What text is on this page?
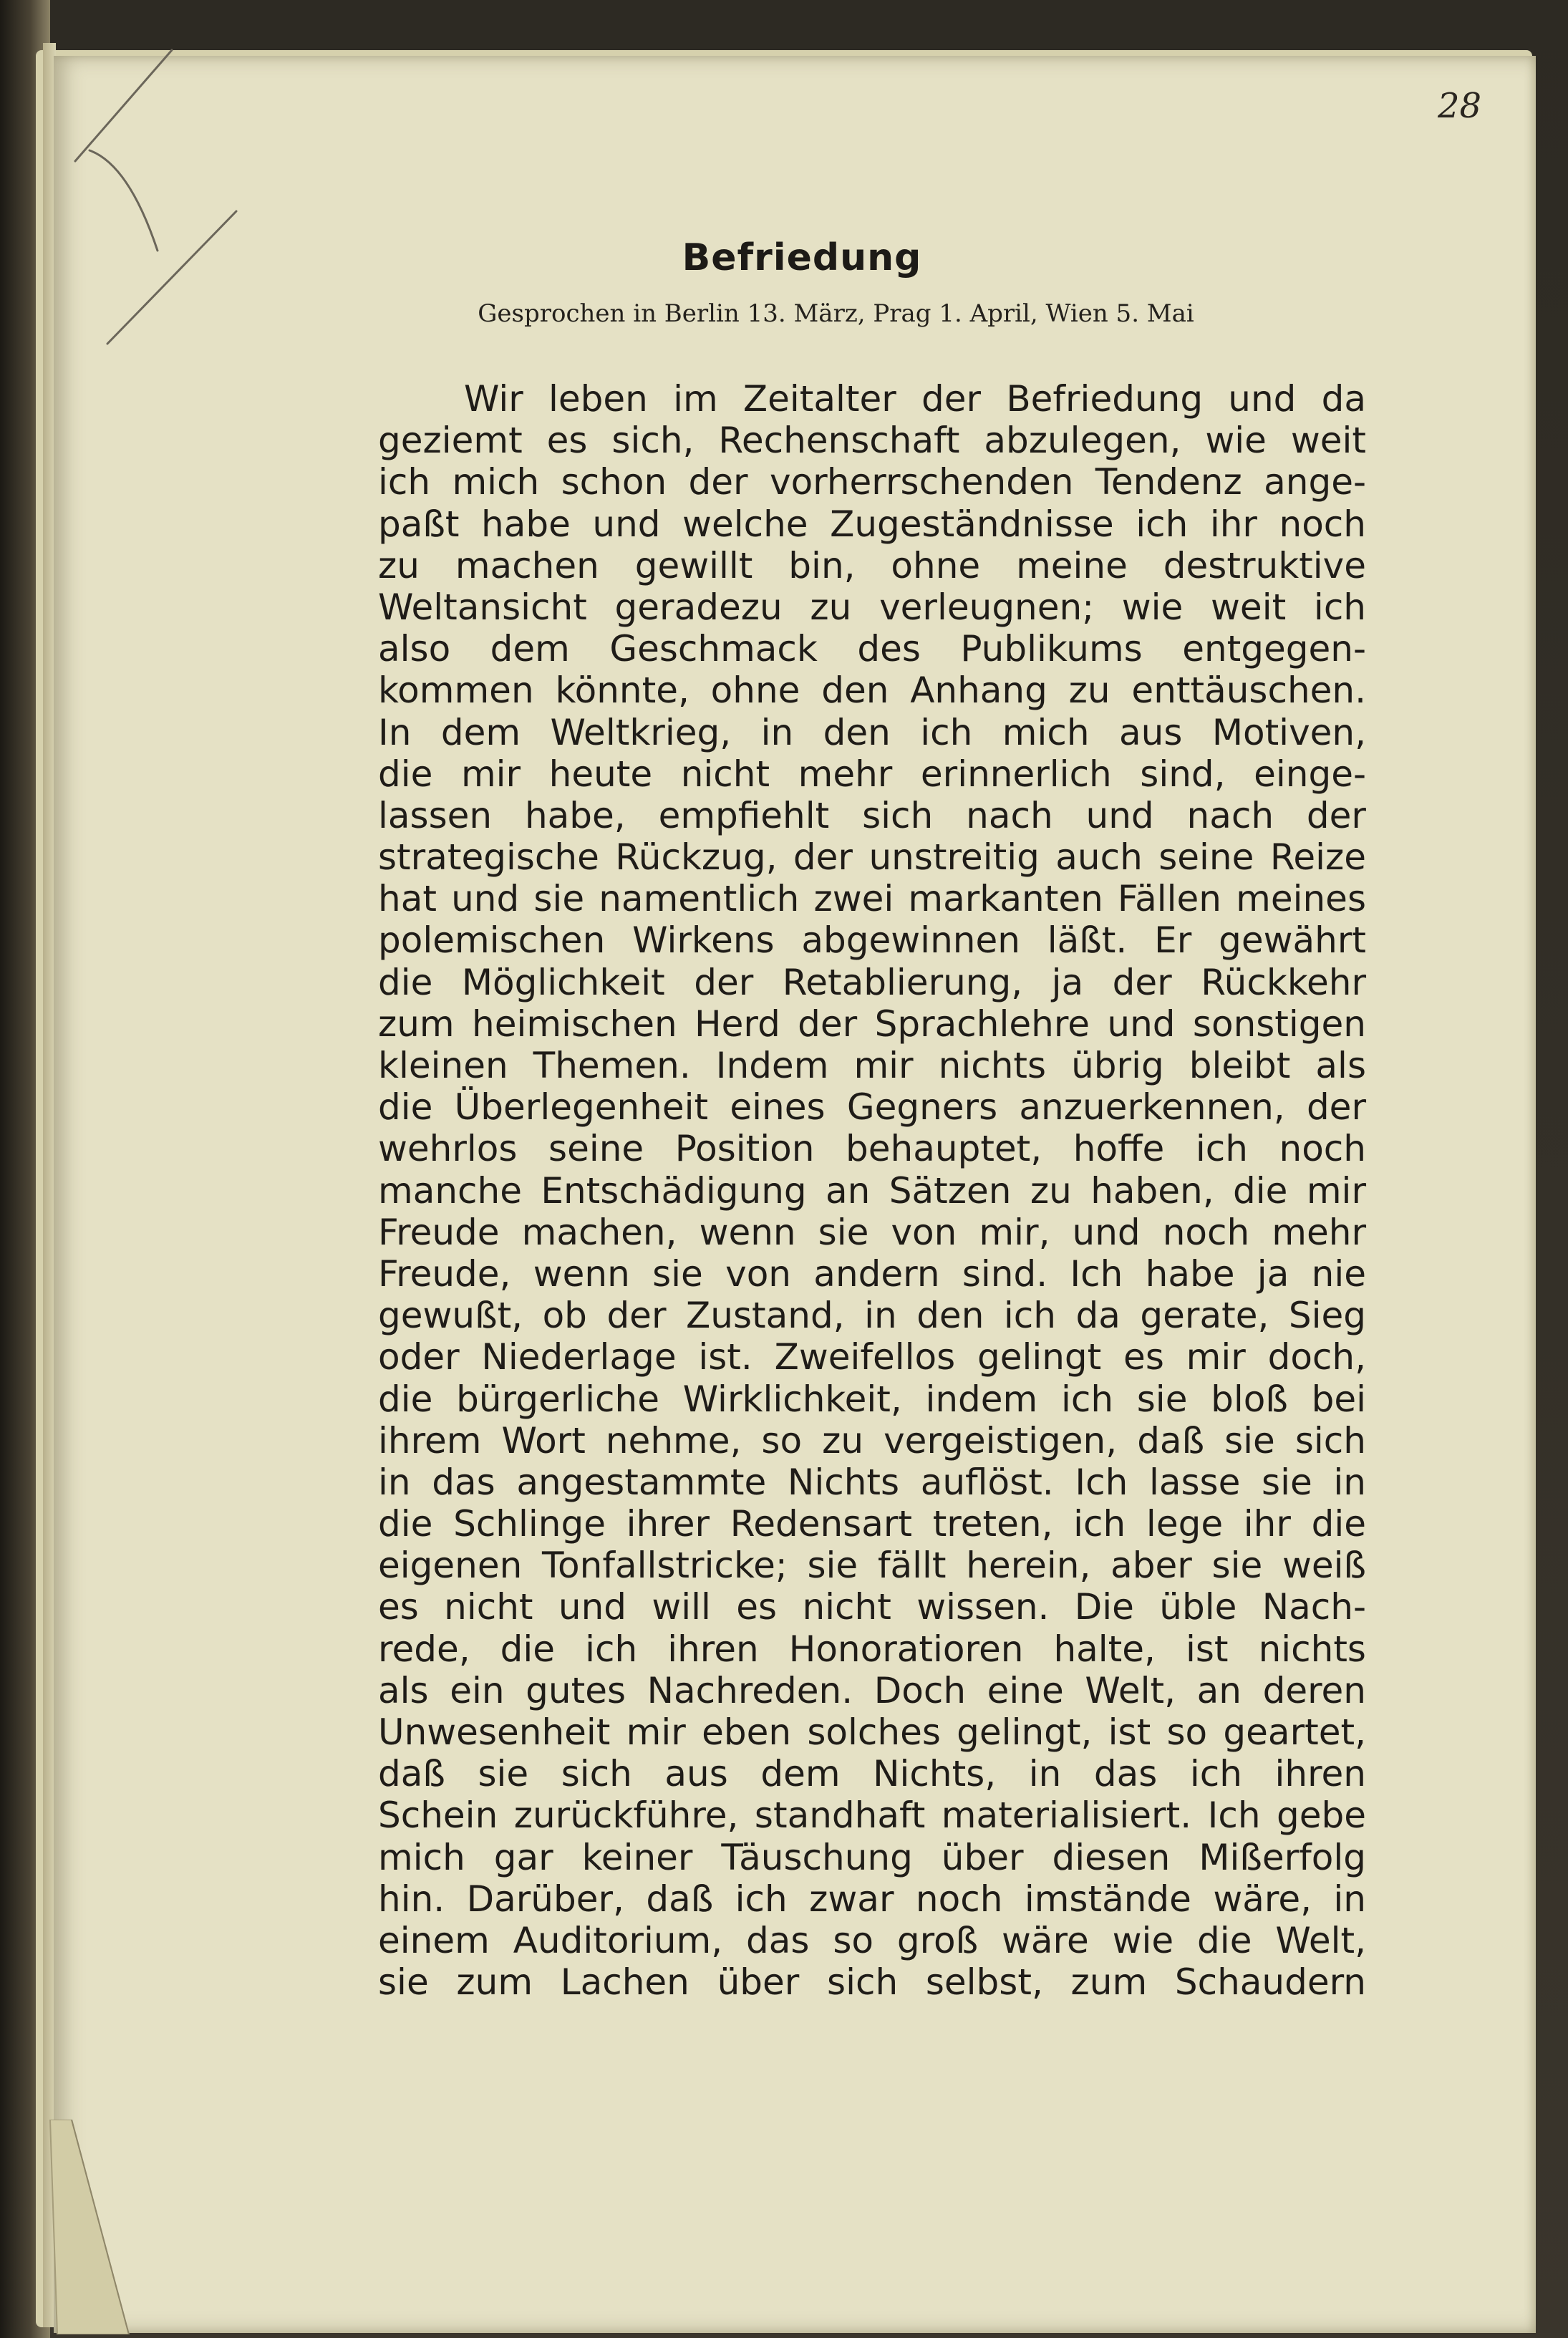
28
Befriedung
Gesprochen in Berlin 13. März, Prag 1. April, Wien 5. Mai
Wir leben im Zeitalter der Befriedung und da
geziemt es sich, Rechenschaft abzulegen, wie weit
ich mich schon der vorherrschenden Tendenz ange-
paßt habe und welche Zugeständnisse ich ihr noch
zu machen gewillt bin, ohne meine destruktive
Weltansicht geradezu zu verleugnen; wie weit ich
also dem Geschmack des Publikums entgegen-
kommen könnte, ohne den Anhang zu enttäuschen.
In dem Weltkrieg, in den ich mich aus Motiven,
die mir heute nicht mehr erinnerlich sind, einge-
lassen habe, empfiehlt sich nach und nach der
strategische Rückzug, der unstreitig auch seine Reize
hat und sie namentlich zwei markanten Fällen meines
polemischen Wirkens abgewinnen läßt. Er gewährt
die Möglichkeit der Retablierung, ja der Rückkehr
zum heimischen Herd der Sprachlehre und sonstigen
kleinen Themen. Indem mir nichts übrig bleibt als
die Überlegenheit eines Gegners anzuerkennen, der
wehrlos seine Position behauptet, hoffe ich noch
manche Entschädigung an Sätzen zu haben, die mir
Freude machen, wenn sie von mir, und noch mehr
Freude, wenn sie von andern sind. Ich habe ja nie
gewußt, ob der Zustand, in den ich da gerate, Sieg
oder Niederlage ist. Zweifellos gelingt es mir doch,
die bürgerliche Wirklichkeit, indem ich sie bloß bei
ihrem Wort nehme, so zu vergeistigen, daß sie sich
in das angestammte Nichts auflöst. Ich lasse sie in
die Schlinge ihrer Redensart treten, ich lege ihr die
eigenen Tonfallstricke; sie fällt herein, aber sie weiß
es nicht und will es nicht wissen. Die üble Nach-
rede, die ich ihren Honoratioren halte, ist nichts
als ein gutes Nachreden. Doch eine Welt, an deren
Unwesenheit mir eben solches gelingt, ist so geartet,
daß sie sich aus dem Nichts, in das ich ihren
Schein zurückführe, standhaft materialisiert. Ich gebe
mich gar keiner Täuschung über diesen Mißerfolg
hin. Darüber, daß ich zwar noch imstände wäre, in
einem Auditorium, das so groß wäre wie die Welt,
sie zum Lachen über sich selbst, zum Schaudern
